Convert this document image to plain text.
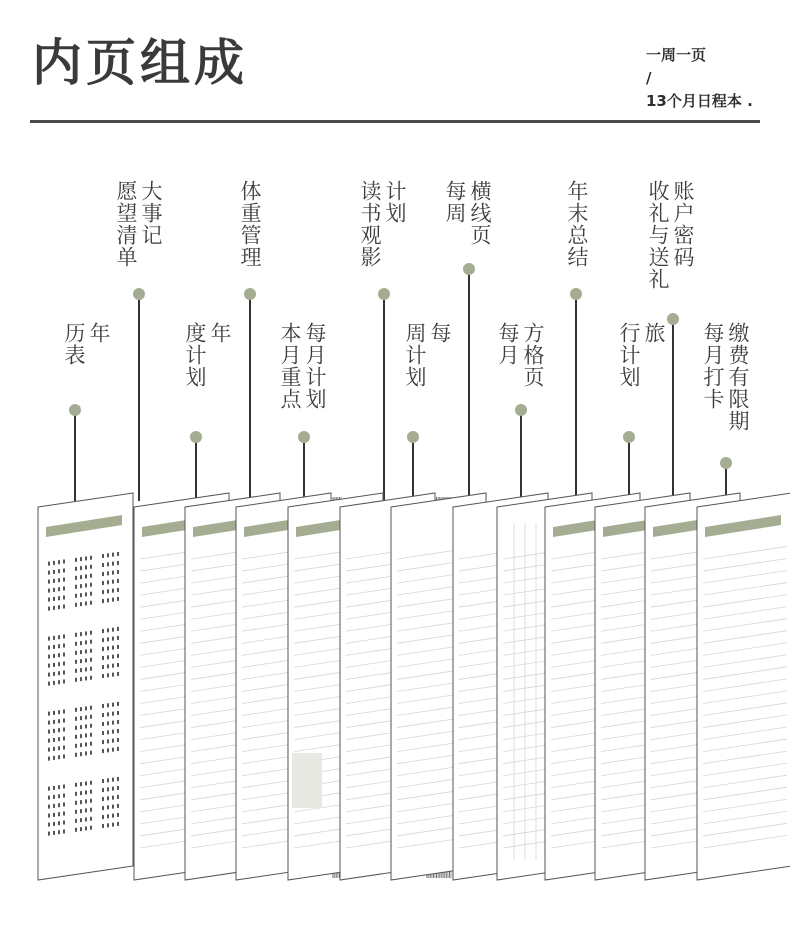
内页组成	一周一页
/
13个月日程本 .
年
历表
大事记
愿望清单
年
度计划
体重管理
每月计划
本月重点
计划
读书观影
每
周计划
横线页
每周
方格页
每月
年末总结
旅
行计划
账户密码
收礼与送礼
缴费有限期
每月打卡
